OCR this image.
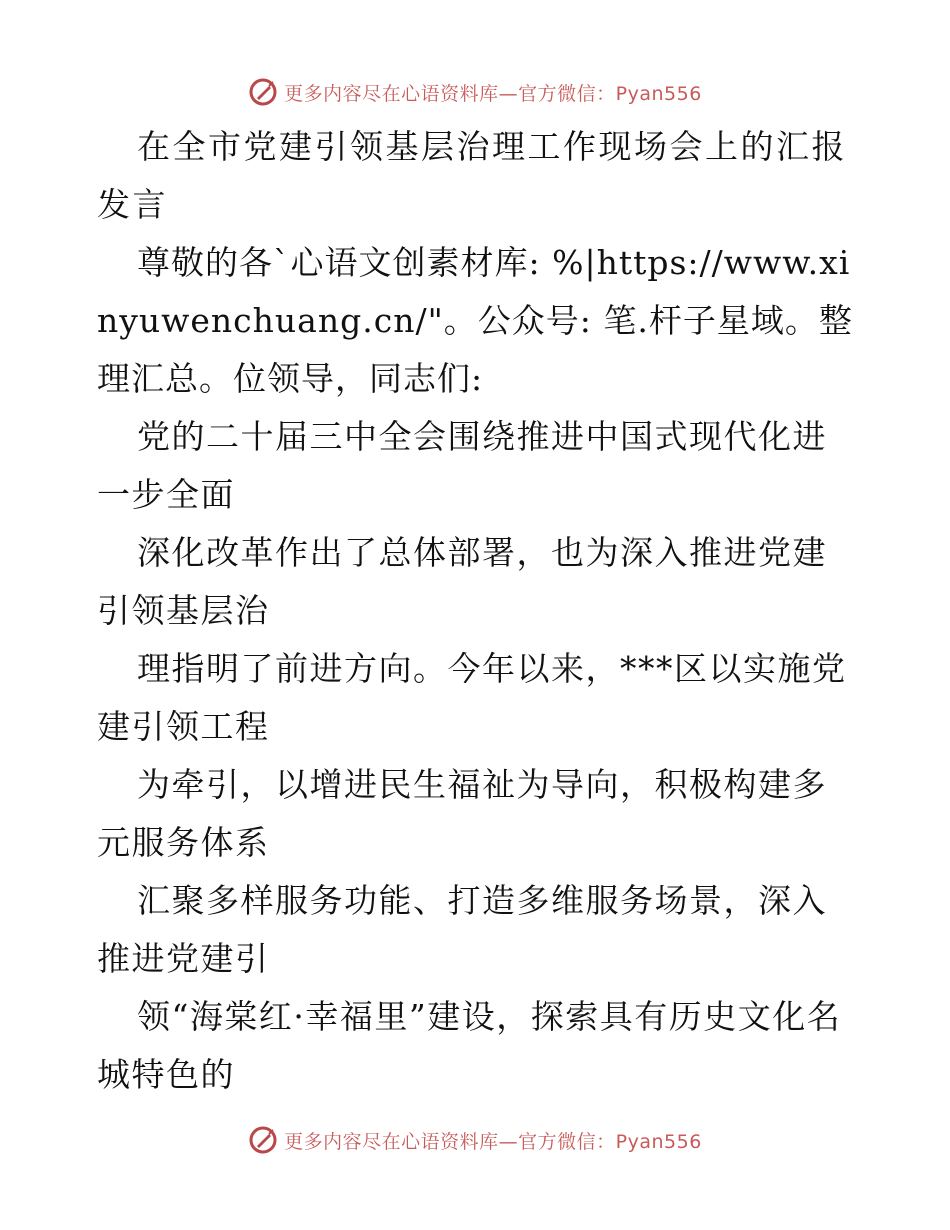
更多内容尽在心语资料库—官方微信：Pyan556

在全市党建引领基层治理工作现场会上的汇报发言

尊敬的各`心语文创素材库: %|https://www.xinyuwenchuang.cn/"。公众号: 笔.杆子星域。整理汇总。位领导，同志们:

党的二十届三中全会围绕推进中国式现代化进一步全面

深化改革作出了总体部署，也为深入推进党建引领基层治

理指明了前进方向。今年以来，***区以实施党建引领工程

为牵引，以增进民生福祉为导向，积极构建多元服务体系

汇聚多样服务功能、打造多维服务场景，深入推进党建引

领“海棠红·幸福里”建设，探索具有历史文化名城特色的

更多内容尽在心语资料库—官方微信：Pyan556
